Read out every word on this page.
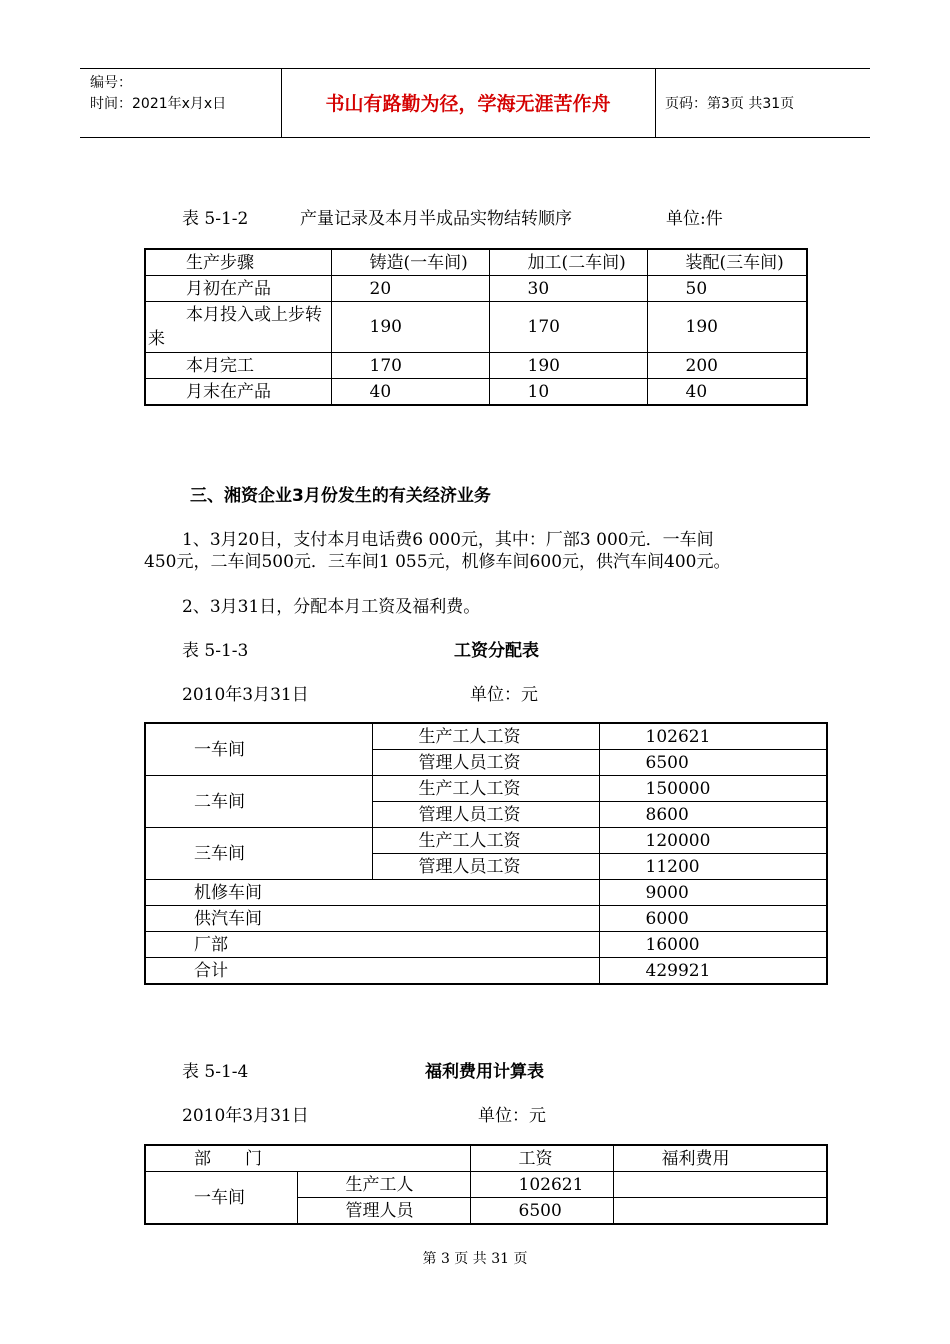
编号：
时间：2021年x月x日	书山有路勤为径，学海无涯苦作舟	页码：第3页 共31页
表 5-1-2	产量记录及本月半成品实物结转顺序	单位:件
生产步骤	铸造(一车间)	加工(二车间)	装配(三车间)
月初在产品	20	30	50
本月投入或上步转来	190	170	190
本月完工	170	190	200
月末在产品	40	10	40
三、湘资企业3月份发生的有关经济业务
1、3月20日，支付本月电话费6 000元，其中：厂部3 000元．一车间
450元，二车间500元．三车间1 055元，机修车间600元，供汽车间400元。
2、3月31日，分配本月工资及福利费。
表 5-1-3	工资分配表
2010年3月31日	单位：元
一车间	生产工人工资	102621
	管理人员工资	6500
二车间	生产工人工资	150000
	管理人员工资	8600
三车间	生产工人工资	120000
	管理人员工资	11200
机修车间		9000
供汽车间		6000
厂部		16000
合计		429921
表 5-1-4	福利费用计算表
2010年3月31日	单位：元
部　　门		工资	福利费用
一车间	生产工人	102621	
	管理人员	6500	
第 3 页 共 31 页
